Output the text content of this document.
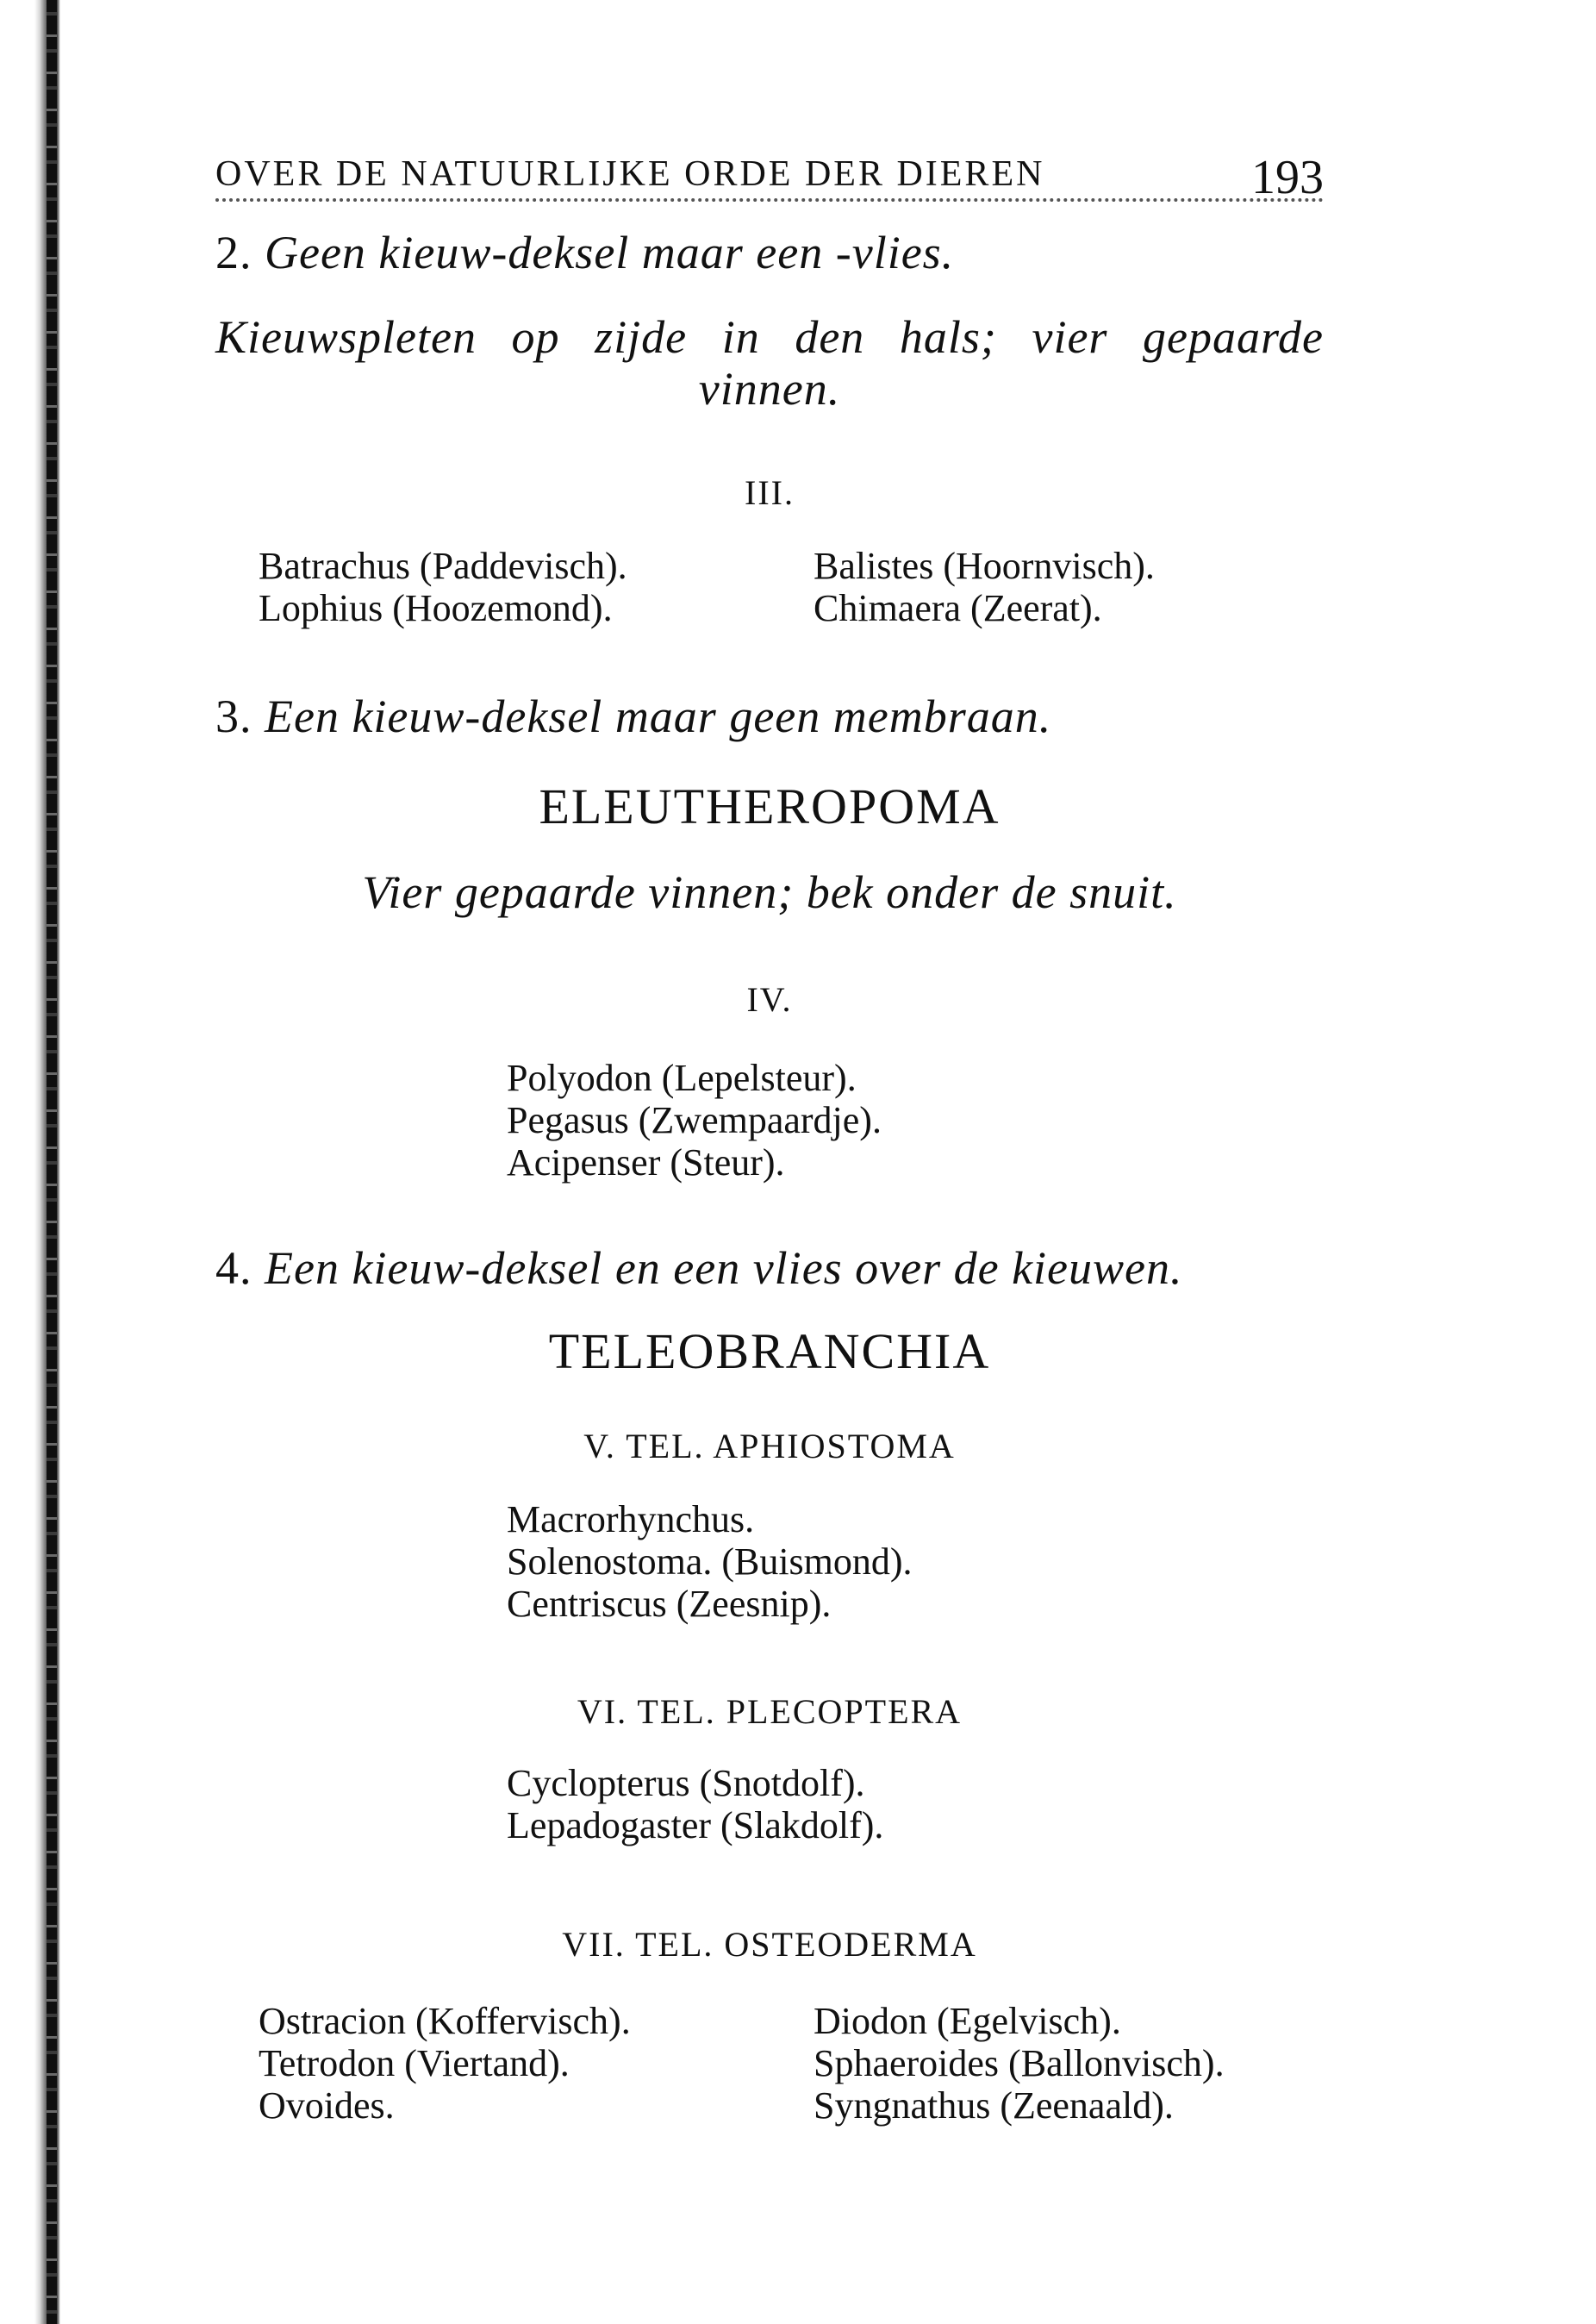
OVER DE NATUURLIJKE ORDE DER DIEREN	193
2. Geen kieuw-deksel maar een -vlies.
Kieuwspleten op zijde in den hals; vier gepaarde
vinnen.
III.
Batrachus (Paddevisch).
Lophius (Hoozemond).
Balistes (Hoornvisch).
Chimaera (Zeerat).
3. Een kieuw-deksel maar geen membraan.
ELEUTHEROPOMA
Vier gepaarde vinnen; bek onder de snuit.
IV.
Polyodon (Lepelsteur).
Pegasus (Zwempaardje).
Acipenser (Steur).
4. Een kieuw-deksel en een vlies over de kieuwen.
TELEOBRANCHIA
V. TEL. APHIOSTOMA
Macrorhynchus.
Solenostoma. (Buismond).
Centriscus (Zeesnip).
VI. TEL. PLECOPTERA
Cyclopterus (Snotdolf).
Lepadogaster (Slakdolf).
VII. TEL. OSTEODERMA
Ostracion (Koffervisch).
Tetrodon (Viertand).
Ovoides.
Diodon (Egelvisch).
Sphaeroides (Ballonvisch).
Syngnathus (Zeenaald).
